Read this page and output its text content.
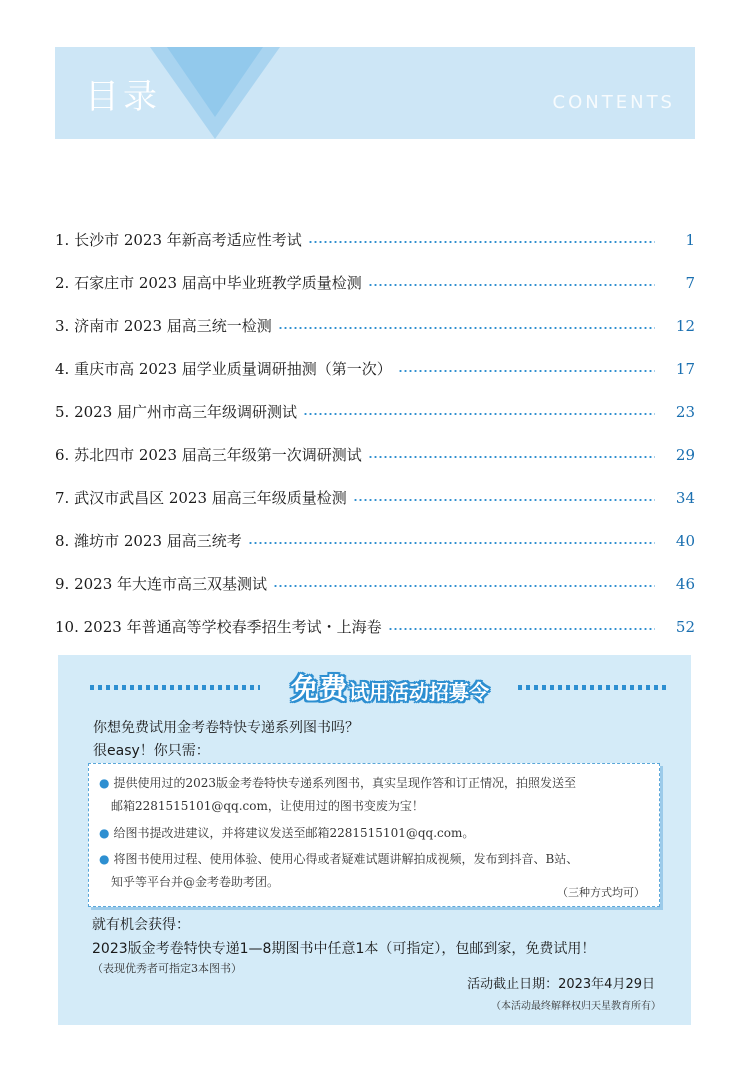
目录	CONTENTS
1. 长沙市 2023 年新高考适应性考试	1
2. 石家庄市 2023 届高中毕业班教学质量检测	7
3. 济南市 2023 届高三统一检测	12
4. 重庆市高 2023 届学业质量调研抽测（第一次）	17
5. 2023 届广州市高三年级调研测试	23
6. 苏北四市 2023 届高三年级第一次调研测试	29
7. 武汉市武昌区 2023 届高三年级质量检测	34
8. 潍坊市 2023 届高三统考	40
9. 2023 年大连市高三双基测试	46
10. 2023 年普通高等学校春季招生考试・上海卷	52
免费 试用活动招募令
你想免费试用金考卷特快专递系列图书吗？
很easy！你只需：
● 提供使用过的2023版金考卷特快专递系列图书，真实呈现作答和订正情况，拍照发送至
邮箱2281515101@qq.com，让使用过的图书变废为宝！
● 给图书提改进建议，并将建议发送至邮箱2281515101@qq.com。
● 将图书使用过程、使用体验、使用心得或者疑难试题讲解拍成视频，发布到抖音、B站、
知乎等平台并@金考卷助考团。
（三种方式均可）
就有机会获得：
2023版金考卷特快专递1—8期图书中任意1本（可指定），包邮到家，免费试用！
（表现优秀者可指定3本图书）
活动截止日期：2023年4月29日
（本活动最终解释权归天星教育所有）
